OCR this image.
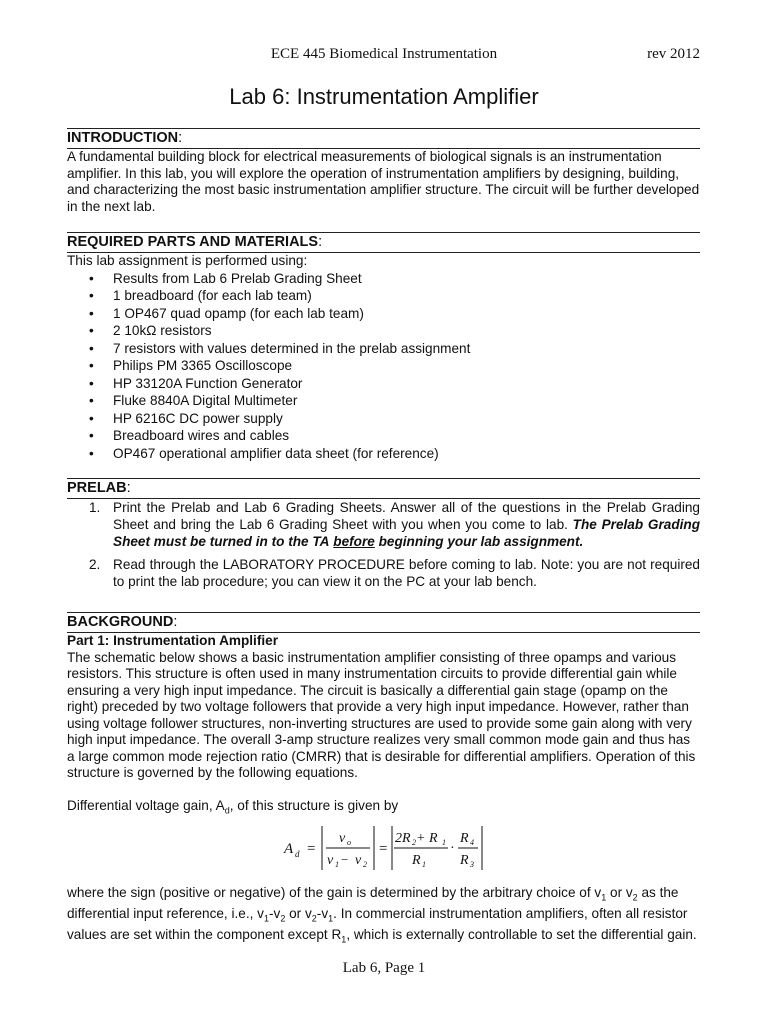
ECE 445 Biomedical Instrumentation	rev 2012
Lab 6: Instrumentation Amplifier
INTRODUCTION:

A fundamental building block for electrical measurements of biological signals is an instrumentation amplifier. In this lab, you will explore the operation of instrumentation amplifiers by designing, building, and characterizing the most basic instrumentation amplifier structure. The circuit will be further developed in the next lab.

REQUIRED PARTS AND MATERIALS:

This lab assignment is performed using:

• Results from Lab 6 Prelab Grading Sheet
• 1 breadboard (for each lab team)
• 1 OP467 quad opamp (for each lab team)
• 2 10kΩ resistors
• 7 resistors with values determined in the prelab assignment
• Philips PM 3365 Oscilloscope
• HP 33120A Function Generator
• Fluke 8840A Digital Multimeter
• HP 6216C DC power supply
• Breadboard wires and cables
• OP467 operational amplifier data sheet (for reference)
PRELAB:
1. Print the Prelab and Lab 6 Grading Sheets. Answer all of the questions in the Prelab Grading Sheet and bring the Lab 6 Grading Sheet with you when you come to lab. The Prelab Grading Sheet must be turned in to the TA before beginning your lab assignment.
2. Read through the LABORATORY PROCEDURE before coming to lab. Note: you are not required to print the lab procedure; you can view it on the PC at your lab bench.
BACKGROUND:
Part 1: Instrumentation Amplifier

The schematic below shows a basic instrumentation amplifier consisting of three opamps and various resistors. This structure is often used in many instrumentation circuits to provide differential gain while ensuring a very high input impedance. The circuit is basically a differential gain stage (opamp on the right) preceded by two voltage followers that provide a very high input impedance. However, rather than using voltage follower structures, non-inverting structures are used to provide some gain along with very high input impedance. The overall 3-amp structure realizes very small common mode gain and thus has a large common mode rejection ratio (CMRR) that is desirable for differential amplifiers. Operation of this structure is governed by the following equations.

Differential voltage gain, $A_d$, of this structure is given by

A d =
v o
v 1 − v 2
=
2R 2 + R 1
R 1
·
R 4
R 3

where the sign (positive or negative) of the gain is determined by the arbitrary choice of $v_1$ or $v_2$ as the differential input reference, i.e., $v_1-v_2$ or $v_2-v_1$. In commercial instrumentation amplifiers, often all resistor values are set within the component except $R_1$, which is externally controllable to set the differential gain.

Lab 6, Page 1
